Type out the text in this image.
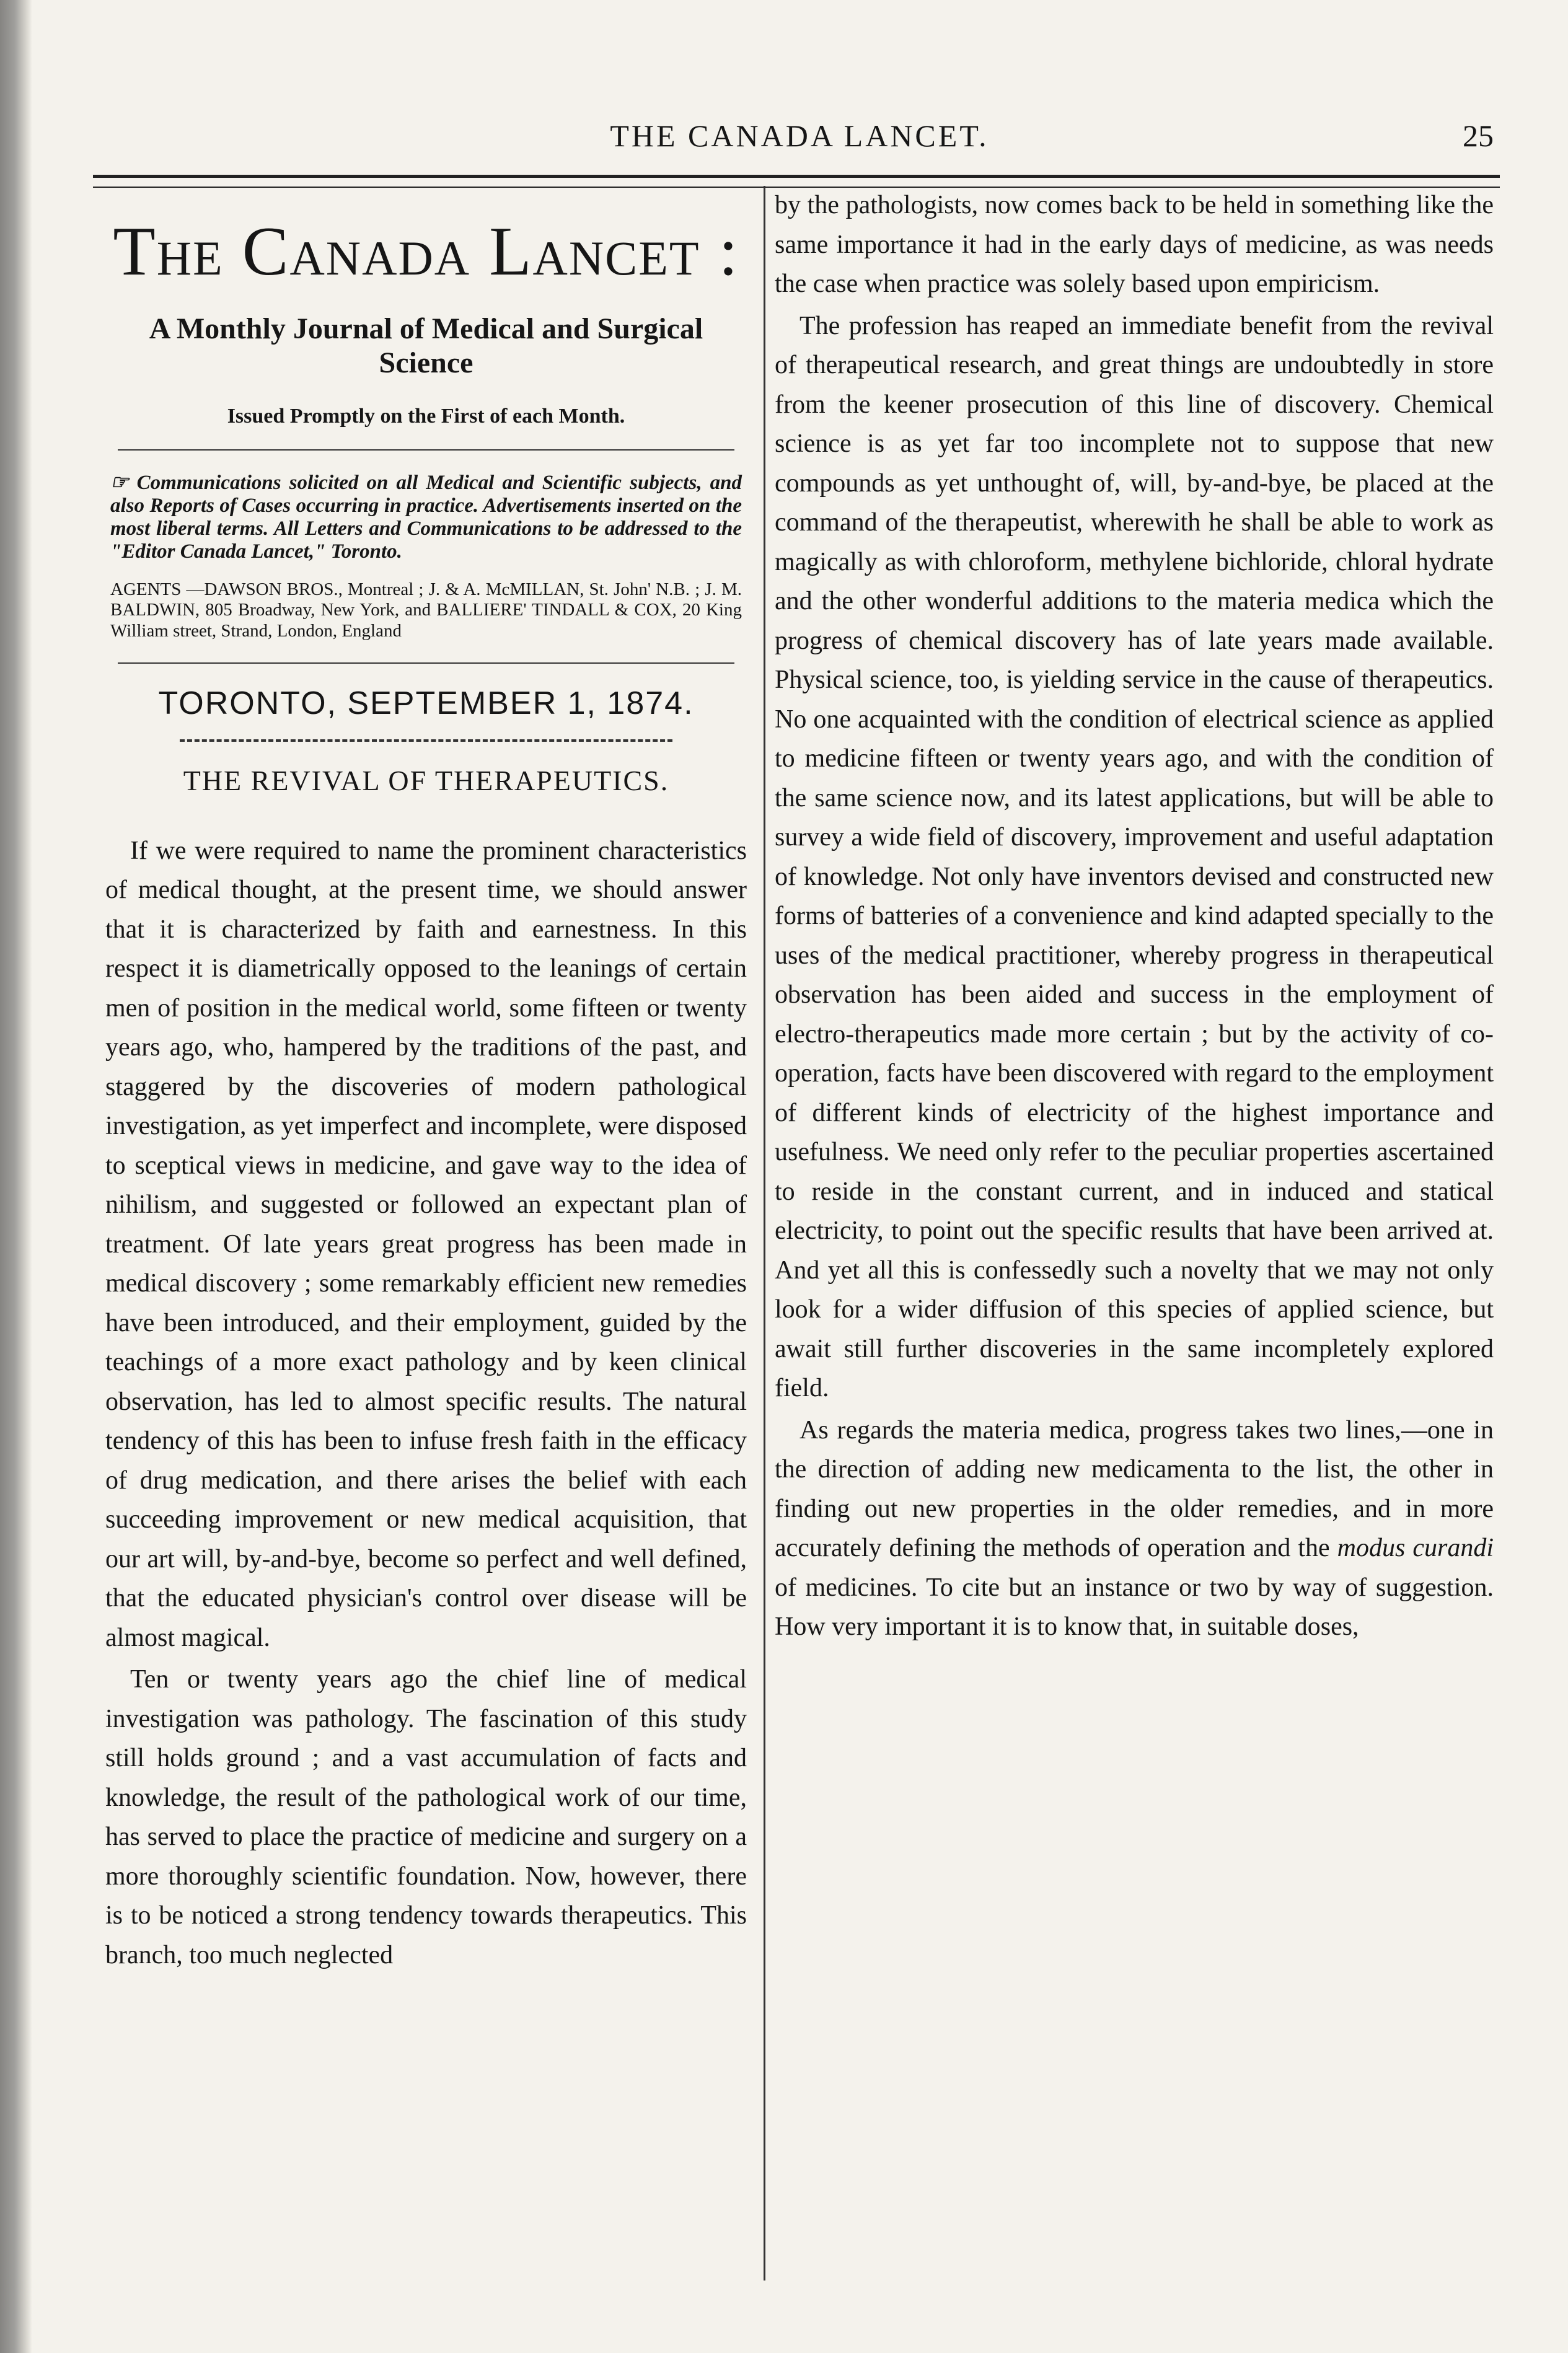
THE CANADA LANCET.	25
The Canada Lancet :
A Monthly Journal of Medical and Surgical Science
Issued Promptly on the First of each Month.
☞ Communications solicited on all Medical and Scientific subjects, and also Reports of Cases occurring in practice. Advertisements inserted on the most liberal terms. All Letters and Communications to be addressed to the "Editor Canada Lancet," Toronto.
AGENTS —DAWSON BROS., Montreal ; J. & A. McMILLAN, St. John' N.B. ; J. M. BALDWIN, 805 Broadway, New York, and BALLIERE' TINDALL & COX, 20 King William street, Strand, London, England
TORONTO, SEPTEMBER 1, 1874.
THE REVIVAL OF THERAPEUTICS.

If we were required to name the prominent characteristics of medical thought, at the present time, we should answer that it is characterized by faith and earnestness. In this respect it is diametrically opposed to the leanings of certain men of position in the medical world, some fifteen or twenty years ago, who, hampered by the traditions of the past, and staggered by the discoveries of modern pathological investigation, as yet imperfect and incomplete, were disposed to sceptical views in medicine, and gave way to the idea of nihilism, and suggested or followed an expectant plan of treatment. Of late years great progress has been made in medical discovery ; some remarkably efficient new remedies have been introduced, and their employment, guided by the teachings of a more exact pathology and by keen clinical observation, has led to almost specific results. The natural tendency of this has been to infuse fresh faith in the efficacy of drug medication, and there arises the belief with each succeeding improvement or new medical acquisition, that our art will, by-and-bye, become so perfect and well defined, that the educated physician's control over disease will be almost magical.

Ten or twenty years ago the chief line of medical investigation was pathology. The fascination of this study still holds ground ; and a vast accumulation of facts and knowledge, the result of the pathological work of our time, has served to place the practice of medicine and surgery on a more thoroughly scientific foundation. Now, however, there is to be noticed a strong tendency towards therapeutics. This branch, too much neglected

by the pathologists, now comes back to be held in something like the same importance it had in the early days of medicine, as was needs the case when practice was solely based upon empiricism.

The profession has reaped an immediate benefit from the revival of therapeutical research, and great things are undoubtedly in store from the keener prosecution of this line of discovery. Chemical science is as yet far too incomplete not to suppose that new compounds as yet unthought of, will, by-and-bye, be placed at the command of the therapeutist, wherewith he shall be able to work as magically as with chloroform, methylene bichloride, chloral hydrate and the other wonderful additions to the materia medica which the progress of chemical discovery has of late years made available. Physical science, too, is yielding service in the cause of therapeutics. No one acquainted with the condition of electrical science as applied to medicine fifteen or twenty years ago, and with the condition of the same science now, and its latest applications, but will be able to survey a wide field of discovery, improvement and useful adaptation of knowledge. Not only have inventors devised and constructed new forms of batteries of a convenience and kind adapted specially to the uses of the medical practitioner, whereby progress in therapeutical observation has been aided and success in the employment of electro-therapeutics made more certain ; but by the activity of co-operation, facts have been discovered with regard to the employment of different kinds of electricity of the highest importance and usefulness. We need only refer to the peculiar properties ascertained to reside in the constant current, and in induced and statical electricity, to point out the specific results that have been arrived at. And yet all this is confessedly such a novelty that we may not only look for a wider diffusion of this species of applied science, but await still further discoveries in the same incompletely explored field.

As regards the materia medica, progress takes two lines,—one in the direction of adding new medicamenta to the list, the other in finding out new properties in the older remedies, and in more accurately defining the methods of operation and the modus curandi of medicines. To cite but an instance or two by way of suggestion. How very important it is to know that, in suitable doses,
